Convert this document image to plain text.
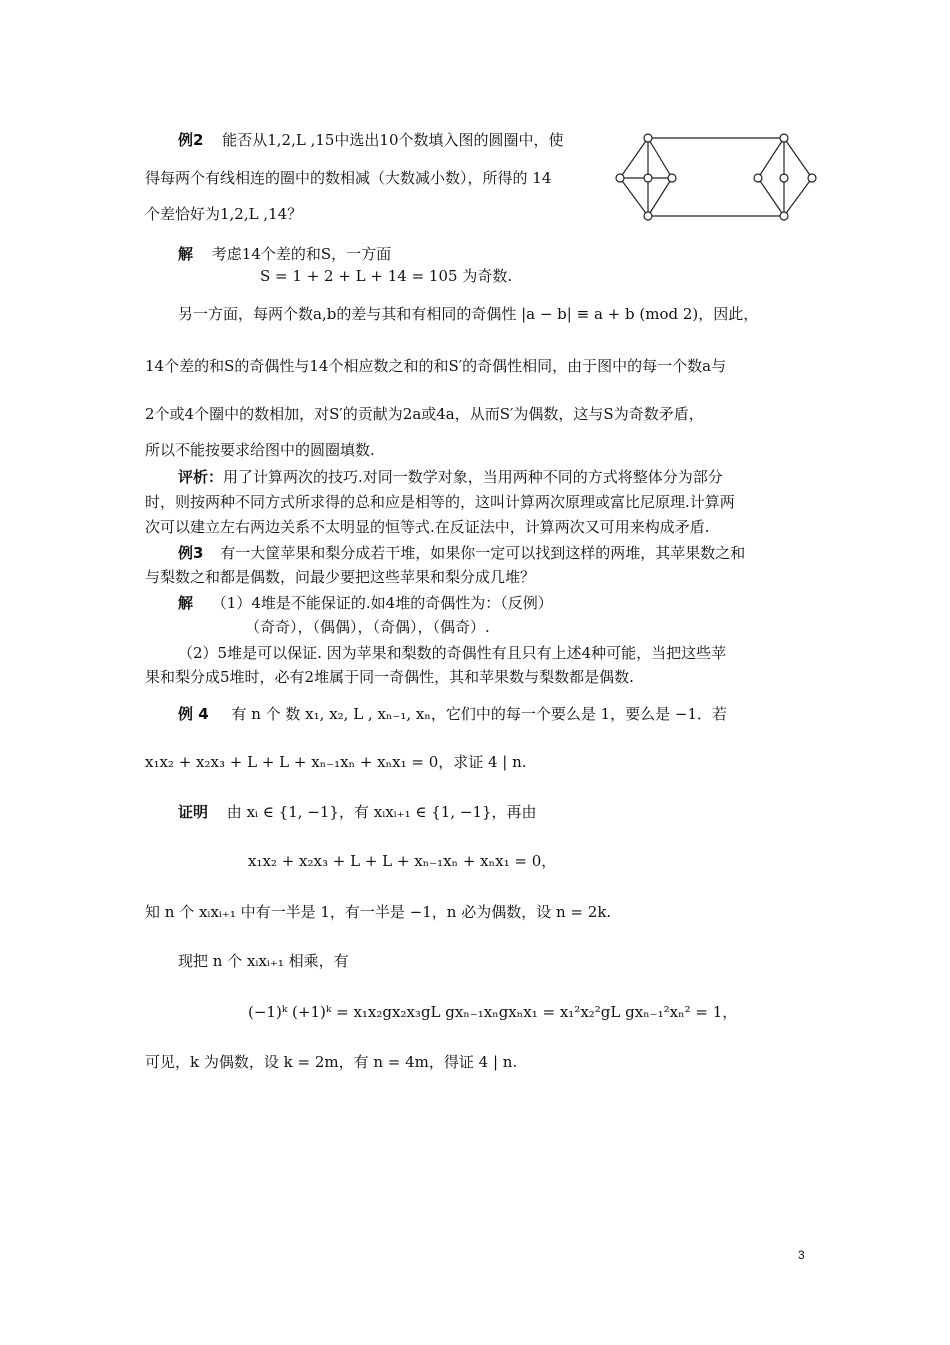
例2 能否从1,2,L ,15中选出10个数填入图的圆圈中，使
得每两个有线相连的圈中的数相减（大数减小数），所得的 14
个差恰好为1,2,L ,14？
解 考虑14个差的和S，一方面
S = 1 + 2 + L + 14 = 105 为奇数.
另一方面，每两个数a,b的差与其和有相同的奇偶性 |a − b| ≡ a + b (mod 2)，因此，
14个差的和S的奇偶性与14个相应数之和的和S′的奇偶性相同，由于图中的每一个数a与
2个或4个圈中的数相加，对S′的贡献为2a或4a，从而S′为偶数，这与S为奇数矛盾，
所以不能按要求给图中的圆圈填数.
评析：用了计算两次的技巧.对同一数学对象，当用两种不同的方式将整体分为部分
时，则按两种不同方式所求得的总和应是相等的，这叫计算两次原理或富比尼原理.计算两
次可以建立左右两边关系不太明显的恒等式.在反证法中，计算两次又可用来构成矛盾.
例3 有一大筐苹果和梨分成若干堆，如果你一定可以找到这样的两堆，其苹果数之和
与梨数之和都是偶数，问最少要把这些苹果和梨分成几堆？
解 （1）4堆是不能保证的.如4堆的奇偶性为：（反例）
（奇奇），（偶偶），（奇偶），（偶奇）.
（2）5堆是可以保证. 因为苹果和梨数的奇偶性有且只有上述4种可能，当把这些苹
果和梨分成5堆时，必有2堆属于同一奇偶性，其和苹果数与梨数都是偶数.
例 4 有 n 个 数 x₁, x₂, L , xₙ₋₁, xₙ，它们中的每一个要么是 1，要么是 −1．若
x₁x₂ + x₂x₃ + L + L + xₙ₋₁xₙ + xₙx₁ = 0，求证 4 | n.
证明 由 xᵢ ∈ {1, −1}，有 xᵢxᵢ₊₁ ∈ {1, −1}，再由
x₁x₂ + x₂x₃ + L + L + xₙ₋₁xₙ + xₙx₁ = 0，
知 n 个 xᵢxᵢ₊₁ 中有一半是 1，有一半是 −1，n 必为偶数，设 n = 2k.
现把 n 个 xᵢxᵢ₊₁ 相乘，有
(−1)ᵏ (+1)ᵏ = x₁x₂gx₂x₃gL gxₙ₋₁xₙgxₙx₁ = x₁²x₂²gL gxₙ₋₁²xₙ² = 1，
可见，k 为偶数，设 k = 2m，有 n = 4m，得证 4 | n.
3
